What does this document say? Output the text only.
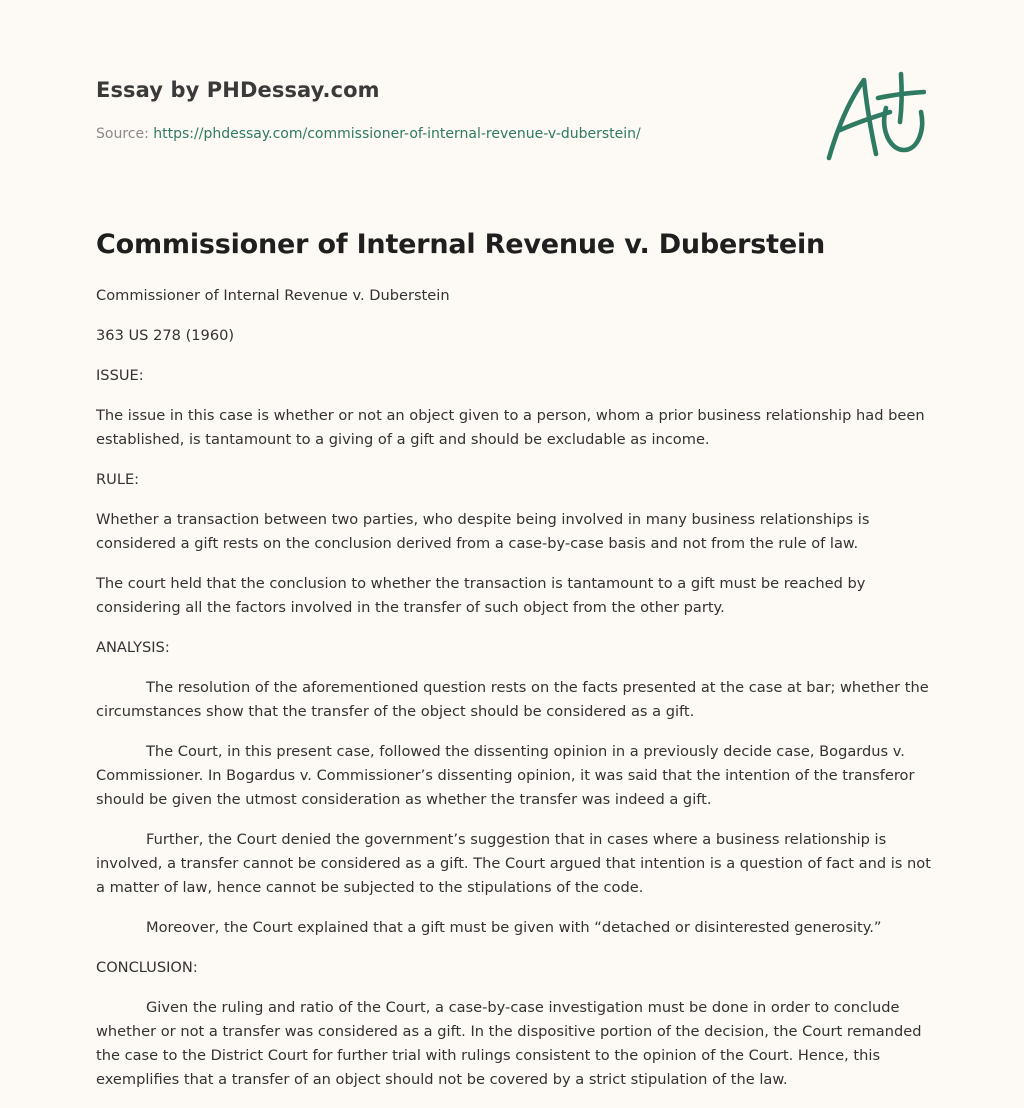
Essay by PHDessay.com

Source: https://phdessay.com/commissioner-of-internal-revenue-v-duberstein/
Commissioner of Internal Revenue v. Duberstein

Commissioner of Internal Revenue v. Duberstein

363 US 278 (1960)

ISSUE:

The issue in this case is whether or not an object given to a person, whom a prior business relationship had been established, is tantamount to a giving of a gift and should be excludable as income.

RULE:

Whether a transaction between two parties, who despite being involved in many business relationships is considered a gift rests on the conclusion derived from a case-by-case basis and not from the rule of law.

The court held that the conclusion to whether the transaction is tantamount to a gift must be reached by considering all the factors involved in the transfer of such object from the other party.

ANALYSIS:

The resolution of the aforementioned question rests on the facts presented at the case at bar; whether the circumstances show that the transfer of the object should be considered as a gift.

The Court, in this present case, followed the dissenting opinion in a previously decide case, Bogardus v. Commissioner. In Bogardus v. Commissioner’s dissenting opinion, it was said that the intention of the transferor should be given the utmost consideration as whether the transfer was indeed a gift.

Further, the Court denied the government’s suggestion that in cases where a business relationship is involved, a transfer cannot be considered as a gift. The Court argued that intention is a question of fact and is not a matter of law, hence cannot be subjected to the stipulations of the code.

Moreover, the Court explained that a gift must be given with “detached or disinterested generosity.”

CONCLUSION:

Given the ruling and ratio of the Court, a case-by-case investigation must be done in order to conclude whether or not a transfer was considered as a gift. In the dispositive portion of the decision, the Court remanded the case to the District Court for further trial with rulings consistent to the opinion of the Court. Hence, this exemplifies that a transfer of an object should not be covered by a strict stipulation of the law.
